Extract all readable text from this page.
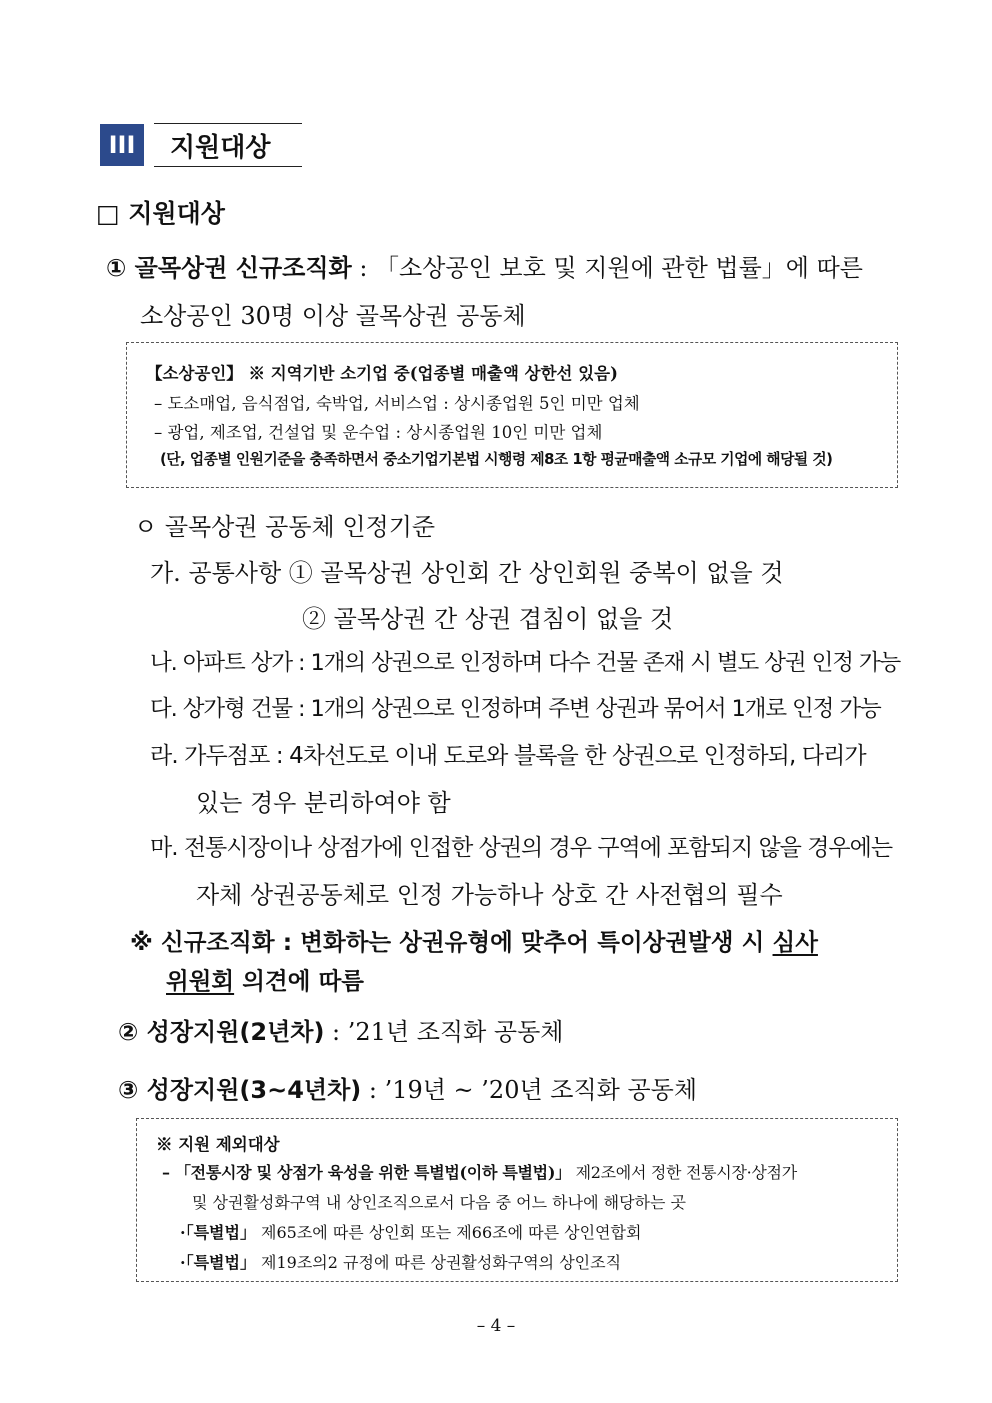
III	지원대상
□ 지원대상
① 골목상권 신규조직화 : 「소상공인 보호 및 지원에 관한 법률」에 따른
소상공인 30명 이상 골목상권 공동체
【소상공인】 ※ 지역기반 소기업 중(업종별 매출액 상한선 있음)
– 도소매업, 음식점업, 숙박업, 서비스업 : 상시종업원 5인 미만 업체
– 광업, 제조업, 건설업 및 운수업 : 상시종업원 10인 미만 업체
(단, 업종별 인원기준을 충족하면서 중소기업기본법 시행령 제8조 1항 평균매출액 소규모 기업에 해당될 것)
ㅇ 골목상권 공동체 인정기준
가. 공통사항 ① 골목상권 상인회 간 상인회원 중복이 없을 것
② 골목상권 간 상권 겹침이 없을 것
나. 아파트 상가 : 1개의 상권으로 인정하며 다수 건물 존재 시 별도 상권 인정 가능
다. 상가형 건물 : 1개의 상권으로 인정하며 주변 상권과 묶어서 1개로 인정 가능
라. 가두점포 : 4차선도로 이내 도로와 블록을 한 상권으로 인정하되, 다리가
있는 경우 분리하여야 함
마. 전통시장이나 상점가에 인접한 상권의 경우 구역에 포함되지 않을 경우에는
자체 상권공동체로 인정 가능하나 상호 간 사전협의 필수
※ 신규조직화 : 변화하는 상권유형에 맞추어 특이상권발생 시 심사
위원회 의견에 따름
② 성장지원(2년차) : ’21년 조직화 공동체
③ 성장지원(3~4년차) : ’19년 ~ ’20년 조직화 공동체
※ 지원 제외대상
– 「전통시장 및 상점가 육성을 위한 특별법(이하 특별법)」 제2조에서 정한 전통시장·상점가
및 상권활성화구역 내 상인조직으로서 다음 중 어느 하나에 해당하는 곳
·「특별법」 제65조에 따른 상인회 또는 제66조에 따른 상인연합회
·「특별법」 제19조의2 규정에 따른 상권활성화구역의 상인조직
– 4 –
